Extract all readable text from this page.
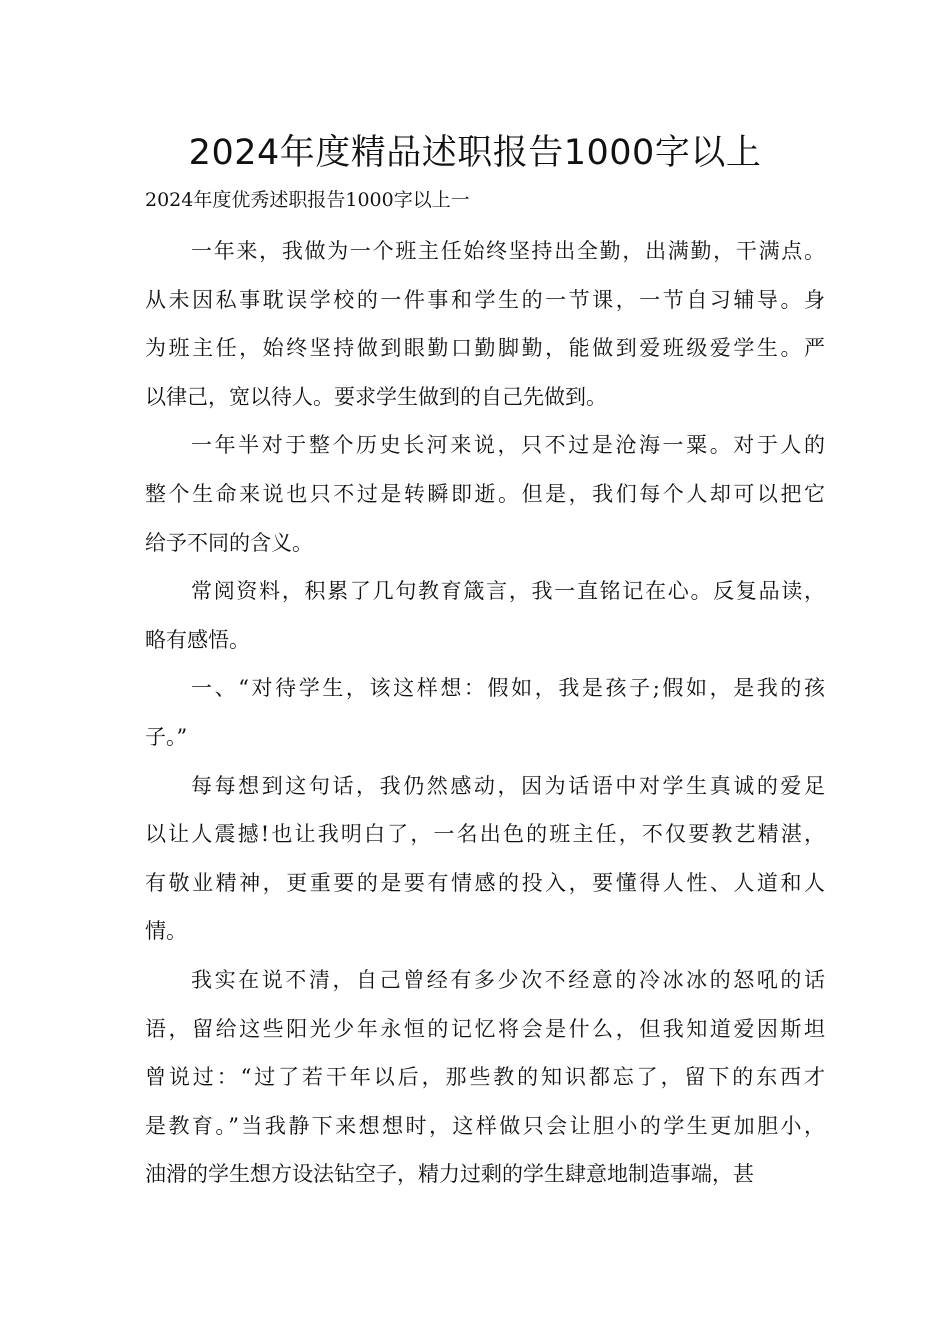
2024年度精品述职报告1000字以上

2024年度优秀述职报告1000字以上一

一年来，我做为一个班主任始终坚持出全勤，出满勤，干满点。
从未因私事耽误学校的一件事和学生的一节课，一节自习辅导。身
为班主任，始终坚持做到眼勤口勤脚勤，能做到爱班级爱学生。严
以律己，宽以待人。要求学生做到的自己先做到。

一年半对于整个历史长河来说，只不过是沧海一粟。对于人的
整个生命来说也只不过是转瞬即逝。但是，我们每个人却可以把它
给予不同的含义。

常阅资料，积累了几句教育箴言，我一直铭记在心。反复品读，
略有感悟。

一、“对待学生，该这样想：假如，我是孩子;假如，是我的孩
子。”

每每想到这句话，我仍然感动，因为话语中对学生真诚的爱足
以让人震撼!也让我明白了，一名出色的班主任，不仅要教艺精湛，
有敬业精神，更重要的是要有情感的投入，要懂得人性、人道和人
情。

我实在说不清，自己曾经有多少次不经意的冷冰冰的怒吼的话
语，留给这些阳光少年永恒的记忆将会是什么，但我知道爱因斯坦
曾说过：“过了若干年以后，那些教的知识都忘了，留下的东西才
是教育。”当我静下来想想时，这样做只会让胆小的学生更加胆小，
油滑的学生想方设法钻空子，精力过剩的学生肆意地制造事端，甚
